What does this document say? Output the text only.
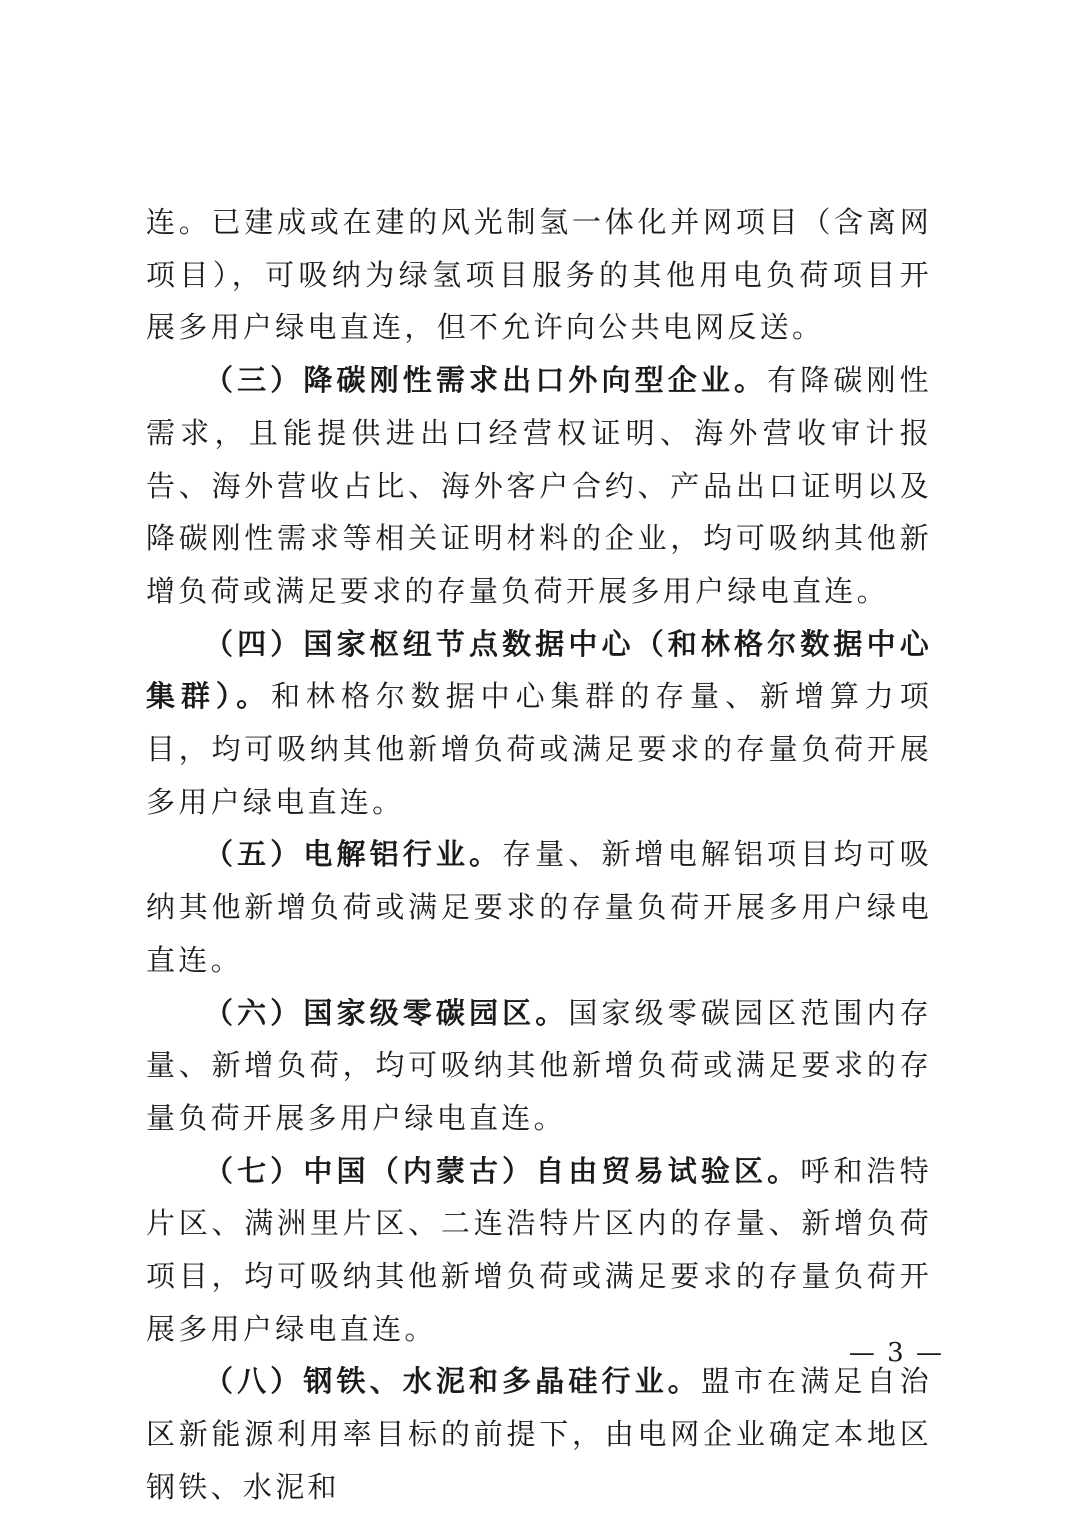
连。已建成或在建的风光制氢一体化并网项目（含离网项目），可吸纳为绿氢项目服务的其他用电负荷项目开展多用户绿电直连，但不允许向公共电网反送。

（三）降碳刚性需求出口外向型企业。有降碳刚性需求，且能提供进出口经营权证明、海外营收审计报告、海外营收占比、海外客户合约、产品出口证明以及降碳刚性需求等相关证明材料的企业，均可吸纳其他新增负荷或满足要求的存量负荷开展多用户绿电直连。

（四）国家枢纽节点数据中心（和林格尔数据中心集群）。和林格尔数据中心集群的存量、新增算力项目，均可吸纳其他新增负荷或满足要求的存量负荷开展多用户绿电直连。

（五）电解铝行业。存量、新增电解铝项目均可吸纳其他新增负荷或满足要求的存量负荷开展多用户绿电直连。

（六）国家级零碳园区。国家级零碳园区范围内存量、新增负荷，均可吸纳其他新增负荷或满足要求的存量负荷开展多用户绿电直连。

（七）中国（内蒙古）自由贸易试验区。呼和浩特片区、满洲里片区、二连浩特片区内的存量、新增负荷项目，均可吸纳其他新增负荷或满足要求的存量负荷开展多用户绿电直连。

（八）钢铁、水泥和多晶硅行业。盟市在满足自治区新能源利用率目标的前提下，由电网企业确定本地区钢铁、水泥和

— 3 —
